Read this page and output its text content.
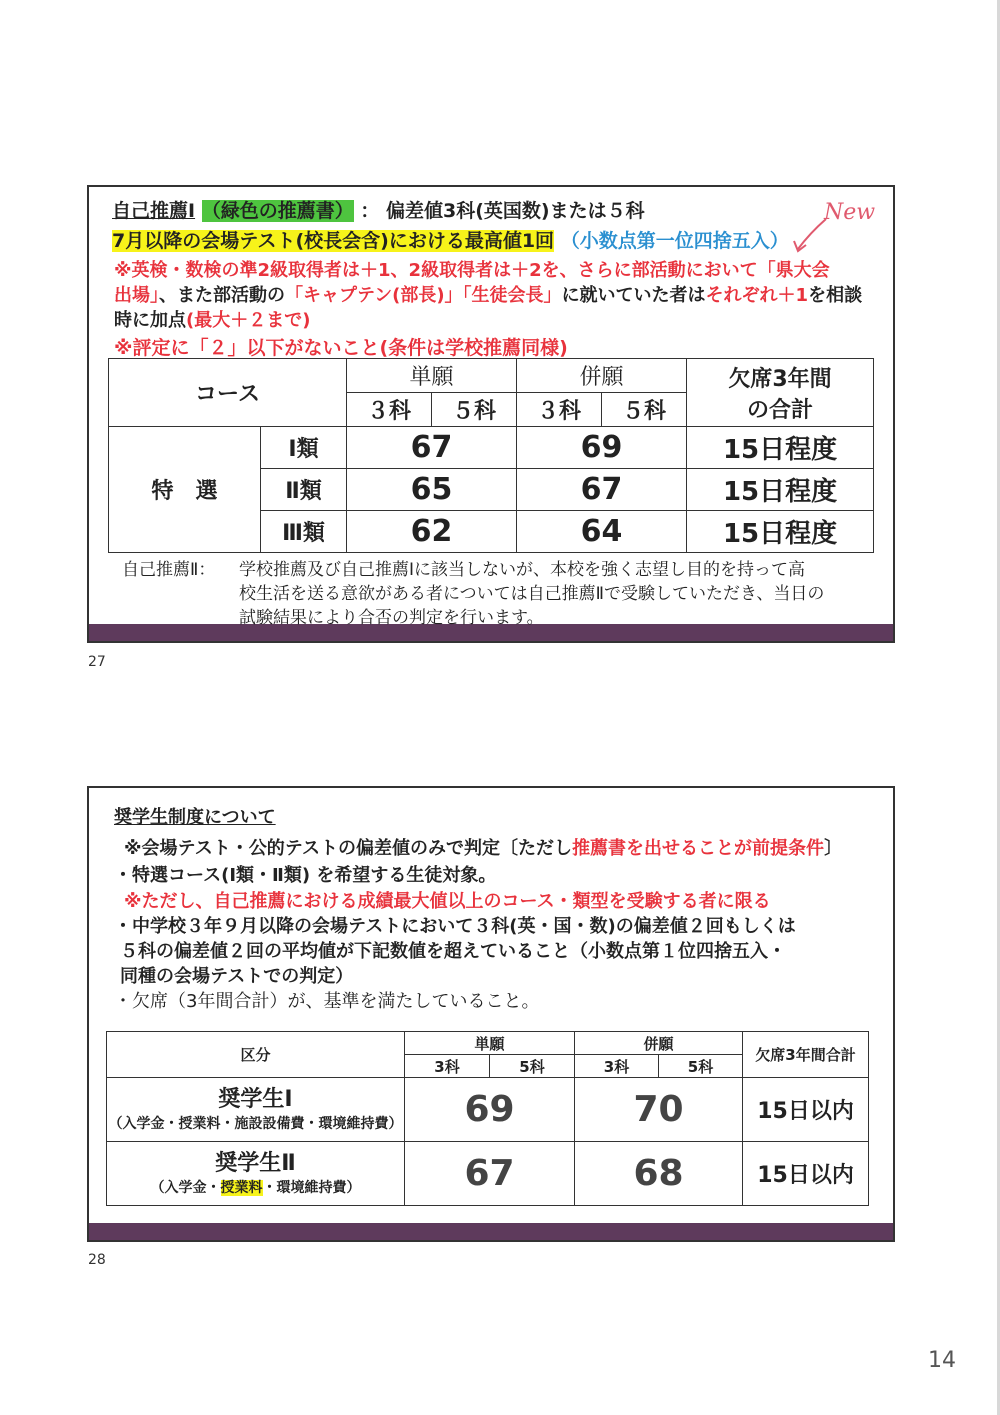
自己推薦Ⅰ （緑色の推薦書） ： 偏差値3科(英国数)または５科	New
7月以降の会場テスト(校長会含)における最高値1回 （小数点第一位四捨五入）
※英検・数検の準2級取得者は＋1、2級取得者は＋2を、さらに部活動において「県大会
出場」、また部活動の「キャプテン(部長)」「生徒会長」に就いていた者はそれぞれ＋1を相談
時に加点(最大＋２まで)
※評定に「２」以下がないこと(条件は学校推薦同様)
コース		単願		併願		欠席3年間
の合計

		３科	５科	３科	５科	
特　選	Ⅰ類	67		69		15日程度
	Ⅱ類	65		67		15日程度
	Ⅲ類	62		64		15日程度
自己推薦Ⅱ： 学校推薦及び自己推薦Ⅰに該当しないが、本校を強く志望し目的を持って高
校生活を送る意欲がある者については自己推薦Ⅱで受験していただき、当日の
試験結果により合否の判定を行います。
27
奨学生制度について
※会場テスト・公的テストの偏差値のみで判定〔ただし推薦書を出せることが前提条件〕
・特選コース(Ⅰ類・Ⅱ類) を希望する生徒対象。
※ただし、自己推薦における成績最大値以上のコース・類型を受験する者に限る
・中学校３年９月以降の会場テストにおいて３科(英・国・数)の偏差値２回もしくは
５科の偏差値２回の平均値が下記数値を超えていること（小数点第１位四捨五入・
同種の会場テストでの判定）
・欠席（3年間合計）が、基準を満たしていること。
区分	単願		併願		欠席3年間合計
	3科	5科	3科	5科	

奨学生Ⅰ
（入学金・授業料・施設設備費・環境維持費）	69		70		15日以内

奨学生Ⅱ
（入学金・授業料・環境維持費）	67		68		15日以内
28
14
